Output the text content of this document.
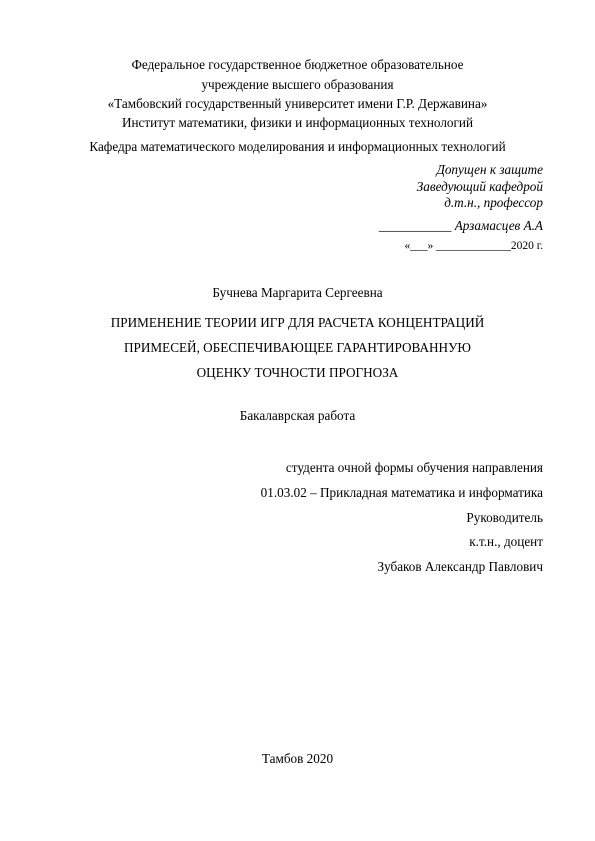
Федеральное государственное бюджетное образовательное
учреждение высшего образования
«Тамбовский государственный университет имени Г.Р. Державина»
Институт математики, физики и информационных технологий
Кафедра математического моделирования и информационных технологий
Допущен к защите
Заведующий кафедрой
д.т.н., профессор
___________ Арзамасцев А.А
«___» _____________2020 г.
Бучнева Маргарита Сергеевна
ПРИМЕНЕНИЕ ТЕОРИИ ИГР ДЛЯ РАСЧЕТА КОНЦЕНТРАЦИЙ
ПРИМЕСЕЙ, ОБЕСПЕЧИВАЮЩЕЕ ГАРАНТИРОВАННУЮ
ОЦЕНКУ ТОЧНОСТИ ПРОГНОЗА
Бакалаврская работа
студента очной формы обучения направления
01.03.02 – Прикладная математика и информатика
Руководитель
к.т.н., доцент
Зубаков Александр Павлович
Тамбов 2020
